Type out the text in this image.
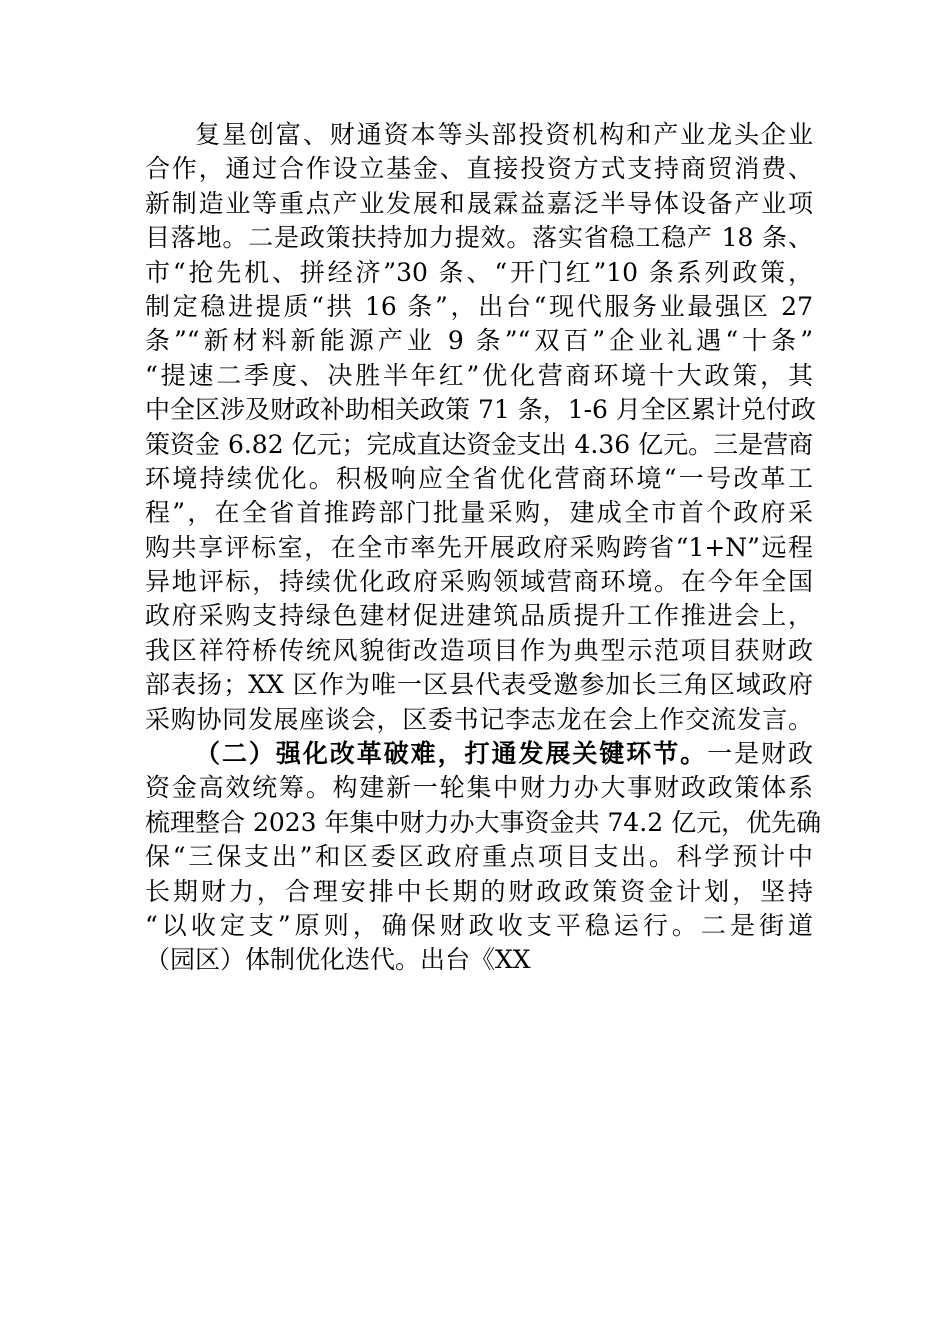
复星创富、财通资本等头部投资机构和产业龙头企业
合作，通过合作设立基金、直接投资方式支持商贸消费、
新制造业等重点产业发展和晟霖益嘉泛半导体设备产业项
目落地。二是政策扶持加力提效。落实省稳工稳产 18 条、
市“抢先机、拼经济”30 条、“开门红”10 条系列政策，
制定稳进提质“拱 16 条”，出台“现代服务业最强区 27
条”“新材料新能源产业 9 条”“双百”企业礼遇“十条”
“提速二季度、决胜半年红”优化营商环境十大政策，其
中全区涉及财政补助相关政策 71 条，1-6 月全区累计兑付政
策资金 6.82 亿元；完成直达资金支出 4.36 亿元。三是营商
环境持续优化。积极响应全省优化营商环境“一号改革工
程”，在全省首推跨部门批量采购，建成全市首个政府采
购共享评标室，在全市率先开展政府采购跨省“1+N”远程
异地评标，持续优化政府采购领域营商环境。在今年全国
政府采购支持绿色建材促进建筑品质提升工作推进会上，
我区祥符桥传统风貌街改造项目作为典型示范项目获财政
部表扬；XX 区作为唯一区县代表受邀参加长三角区域政府
采购协同发展座谈会，区委书记李志龙在会上作交流发言。
（二）强化改革破难，打通发展关键环节。一是财政
资金高效统筹。构建新一轮集中财力办大事财政政策体系
梳理整合 2023 年集中财力办大事资金共 74.2 亿元，优先确
保“三保支出”和区委区政府重点项目支出。科学预计中
长期财力，合理安排中长期的财政政策资金计划，坚持
“以收定支”原则，确保财政收支平稳运行。二是街道
（园区）体制优化迭代。出台《XX
